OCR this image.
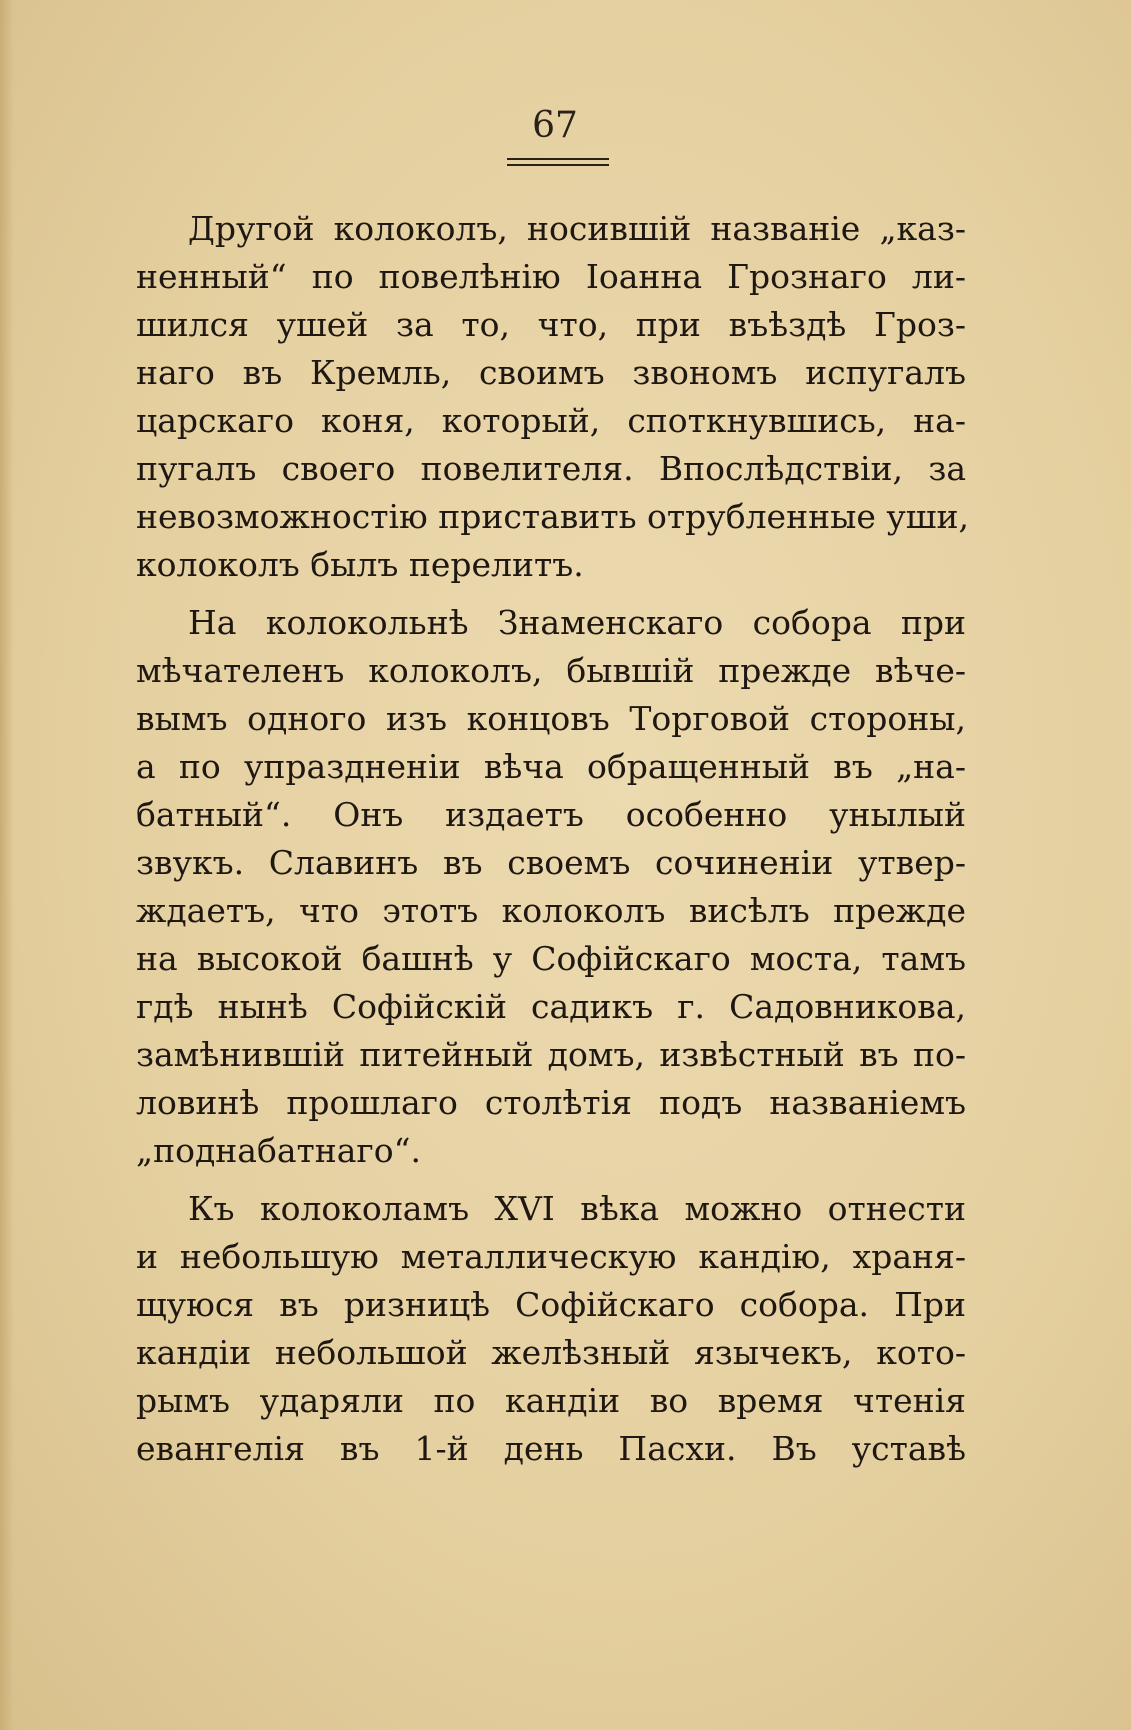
67
Другой колоколъ, носившій названіе „каз-
ненный“ по повелѣнію Іоанна Грознаго ли-
шился ушей за то, что, при въѣздѣ Гроз-
наго въ Кремль, своимъ звономъ испугалъ
царскаго коня, который, споткнувшись, на-
пугалъ своего повелителя. Впослѣдствіи, за
невозможностію приставить отрубленные уши,
колоколъ былъ перелитъ.
На колокольнѣ Знаменскаго собора при
мѣчателенъ колоколъ, бывшій прежде вѣче-
вымъ одного изъ концовъ Торговой стороны,
а по упраздненіи вѣча обращенный въ „на-
батный“. Онъ издаетъ особенно унылый
звукъ. Славинъ въ своемъ сочиненіи утвер-
ждаетъ, что этотъ колоколъ висѣлъ прежде
на высокой башнѣ у Софійскаго моста, тамъ
гдѣ нынѣ Софійскій садикъ г. Садовникова,
замѣнившій питейный домъ, извѣстный въ по-
ловинѣ прошлаго столѣтія подъ названіемъ
„поднабатнаго“.
Къ колоколамъ XVI вѣка можно отнести
и небольшую металлическую кандію, храня-
щуюся въ ризницѣ Софійскаго собора. При
кандіи небольшой желѣзный язычекъ, кото-
рымъ ударяли по кандіи во время чтенія
евангелія въ 1-й день Пасхи. Въ уставѣ
